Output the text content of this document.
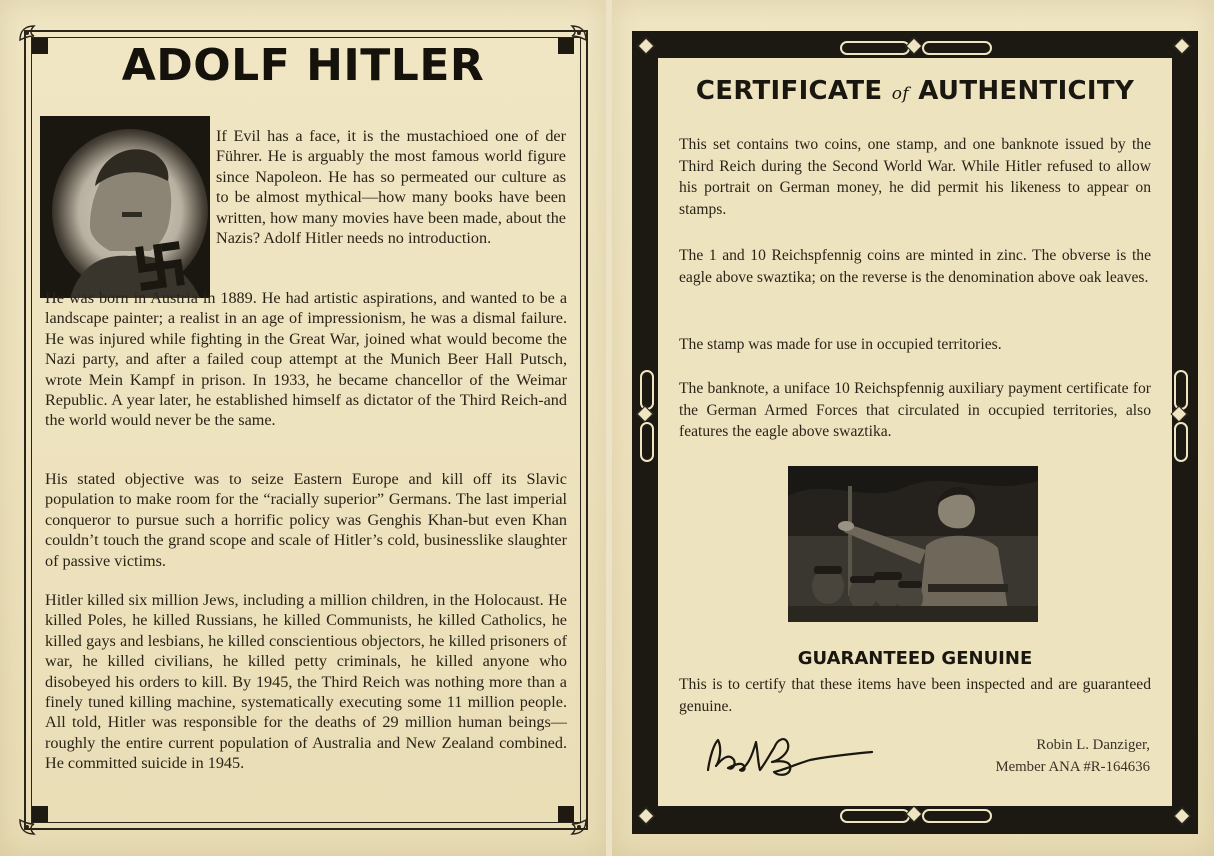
ADOLF HITLER

If Evil has a face, it is the mustachioed one of der Führer. He is arguably the most famous world figure since Napoleon. He has so permeated our culture as to be almost mythical—how many books have been written, how many movies have been made, about the Nazis? Adolf Hitler needs no introduction.

He was born in Austria in 1889. He had artistic aspirations, and wanted to be a landscape painter; a realist in an age of impressionism, he was a dismal failure. He was injured while fighting in the Great War, joined what would become the Nazi party, and after a failed coup attempt at the Munich Beer Hall Putsch, wrote Mein Kampf in prison. In 1933, he became chancellor of the Weimar Republic. A year later, he established himself as dictator of the Third Reich-and the world would never be the same.

His stated objective was to seize Eastern Europe and kill off its Slavic population to make room for the “racially superior” Germans. The last imperial conqueror to pursue such a horrific policy was Genghis Khan-but even Khan couldn’t touch the grand scope and scale of Hitler’s cold, businesslike slaughter of passive victims.

Hitler killed six million Jews, including a million children, in the Holocaust. He killed Poles, he killed Russians, he killed Communists, he killed Catholics, he killed gays and lesbians, he killed conscientious objectors, he killed prisoners of war, he killed civilians, he killed petty criminals, he killed anyone who disobeyed his orders to kill. By 1945, the Third Reich was nothing more than a finely tuned killing machine, systematically executing some 11 million people. All told, Hitler was responsible for the deaths of 29 million human beings—roughly the entire current population of Australia and New Zealand combined. He committed suicide in 1945.

CERTIFICATE of AUTHENTICITY

This set contains two coins, one stamp, and one banknote issued by the Third Reich during the Second World War. While Hitler refused to allow his portrait on German money, he did permit his likeness to appear on stamps.

The 1 and 10 Reichspfennig coins are minted in zinc. The obverse is the eagle above swaztika; on the reverse is the denomination above oak leaves.

The stamp was made for use in occupied territories.

The banknote, a uniface 10 Reichspfennig auxiliary payment certificate for the German Armed Forces that circulated in occupied territories, also features the eagle above swaztika.

GUARANTEED GENUINE

This is to certify that these items have been inspected and are guaranteed genuine.

Robin L. Danziger,
Member ANA #R-164636
